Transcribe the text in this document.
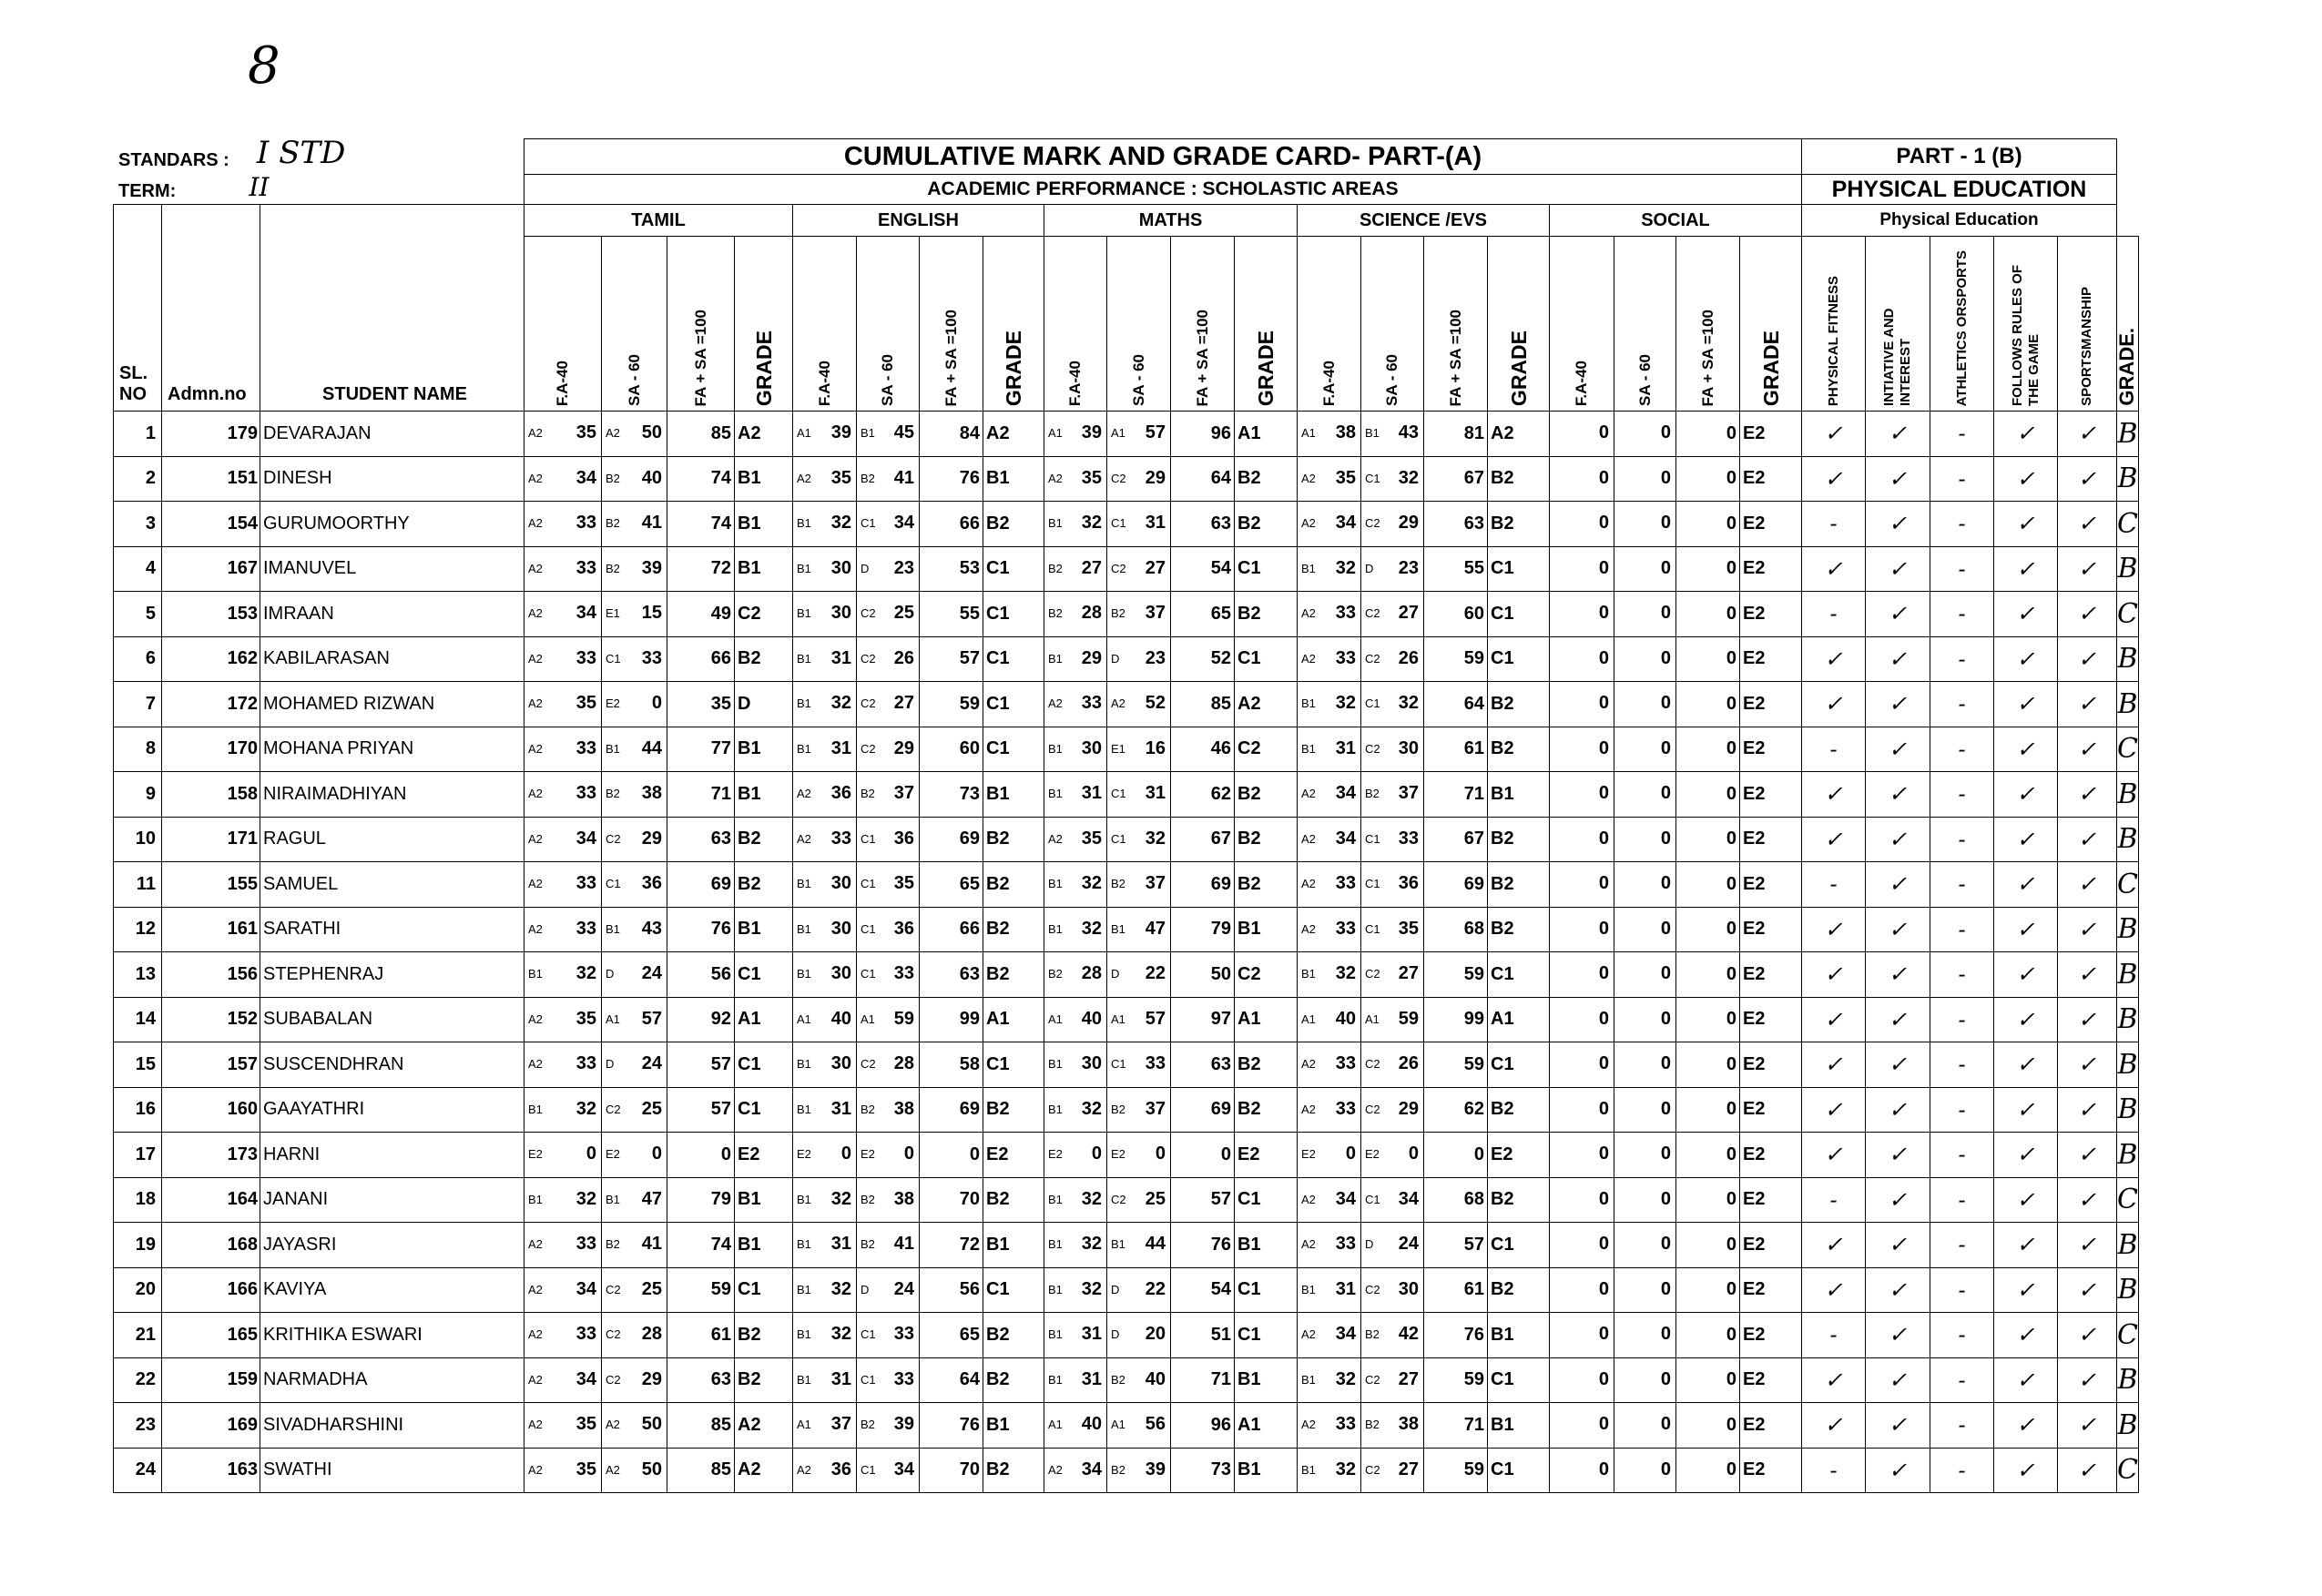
8
STANDARS : I STD
TERM:	II
			CUMULATIVE MARK AND GRADE CARD- PART-(A)																				PART - 1 (B)					
			ACADEMIC PERFORMANCE : SCHOLASTIC AREAS																				PHYSICAL EDUCATION					
SL. NO	Admn.no	STUDENT NAME	TAMIL				ENGLISH				MATHS				SCIENCE /EVS				SOCIAL				Physical Education					
			F.A-40	SA - 60	FA + SA =100	GRADE	F.A-40	SA - 60	FA + SA =100	GRADE	F.A-40	SA - 60	FA + SA =100	GRADE	F.A-40	SA - 60	FA + SA =100	GRADE	F.A-40	SA - 60	FA + SA =100	GRADE	PHYSICAL FITNESS	INTIATIVE AND INTEREST	ATHLETICS ORSPORTS	FOLLOWS RULES OF THE GAME	SPORTSMANSHIP	GRADE.
1	179	DEVARAJAN	A2 35	A2 50	85	A2	A1 39	B1 45	84	A2	A1 39	A1 57	96	A1	A1 38	B1 43	81	A2	0	0	0	E2	✓	✓	-	✓	✓	B
2	151	DINESH	A2 34	B2 40	74	B1	A2 35	B2 41	76	B1	A2 35	C2 29	64	B2	A2 35	C1 32	67	B2	0	0	0	E2	✓	✓	-	✓	✓	B
3	154	GURUMOORTHY	A2 33	B2 41	74	B1	B1 32	C1 34	66	B2	B1 32	C1 31	63	B2	A2 34	C2 29	63	B2	0	0	0	E2	-	✓	-	✓	✓	C
4	167	IMANUVEL	A2 33	B2 39	72	B1	B1 30	D 23	53	C1	B2 27	C2 27	54	C1	B1 32	D 23	55	C1	0	0	0	E2	✓	✓	-	✓	✓	B
5	153	IMRAAN	A2 34	E1 15	49	C2	B1 30	C2 25	55	C1	B2 28	B2 37	65	B2	A2 33	C2 27	60	C1	0	0	0	E2	-	✓	-	✓	✓	C
6	162	KABILARASAN	A2 33	C1 33	66	B2	B1 31	C2 26	57	C1	B1 29	D 23	52	C1	A2 33	C2 26	59	C1	0	0	0	E2	✓	✓	-	✓	✓	B
7	172	MOHAMED RIZWAN	A2 35	E2 0	35	D	B1 32	C2 27	59	C1	A2 33	A2 52	85	A2	B1 32	C1 32	64	B2	0	0	0	E2	✓	✓	-	✓	✓	B
8	170	MOHANA PRIYAN	A2 33	B1 44	77	B1	B1 31	C2 29	60	C1	B1 30	E1 16	46	C2	B1 31	C2 30	61	B2	0	0	0	E2	-	✓	-	✓	✓	C
9	158	NIRAIMADHIYAN	A2 33	B2 38	71	B1	A2 36	B2 37	73	B1	B1 31	C1 31	62	B2	A2 34	B2 37	71	B1	0	0	0	E2	✓	✓	-	✓	✓	B
10	171	RAGUL	A2 34	C2 29	63	B2	A2 33	C1 36	69	B2	A2 35	C1 32	67	B2	A2 34	C1 33	67	B2	0	0	0	E2	✓	✓	-	✓	✓	B
11	155	SAMUEL	A2 33	C1 36	69	B2	B1 30	C1 35	65	B2	B1 32	B2 37	69	B2	A2 33	C1 36	69	B2	0	0	0	E2	-	✓	-	✓	✓	C
12	161	SARATHI	A2 33	B1 43	76	B1	B1 30	C1 36	66	B2	B1 32	B1 47	79	B1	A2 33	C1 35	68	B2	0	0	0	E2	✓	✓	-	✓	✓	B
13	156	STEPHENRAJ	B1 32	D 24	56	C1	B1 30	C1 33	63	B2	B2 28	D 22	50	C2	B1 32	C2 27	59	C1	0	0	0	E2	✓	✓	-	✓	✓	B
14	152	SUBABALAN	A2 35	A1 57	92	A1	A1 40	A1 59	99	A1	A1 40	A1 57	97	A1	A1 40	A1 59	99	A1	0	0	0	E2	✓	✓	-	✓	✓	B
15	157	SUSCENDHRAN	A2 33	D 24	57	C1	B1 30	C2 28	58	C1	B1 30	C1 33	63	B2	A2 33	C2 26	59	C1	0	0	0	E2	✓	✓	-	✓	✓	B
16	160	GAAYATHRI	B1 32	C2 25	57	C1	B1 31	B2 38	69	B2	B1 32	B2 37	69	B2	A2 33	C2 29	62	B2	0	0	0	E2	✓	✓	-	✓	✓	B
17	173	HARNI	E2 0	E2 0	0	E2	E2 0	E2 0	0	E2	E2 0	E2 0	0	E2	E2 0	E2 0	0	E2	0	0	0	E2	✓	✓	-	✓	✓	B
18	164	JANANI	B1 32	B1 47	79	B1	B1 32	B2 38	70	B2	B1 32	C2 25	57	C1	A2 34	C1 34	68	B2	0	0	0	E2	-	✓	-	✓	✓	C
19	168	JAYASRI	A2 33	B2 41	74	B1	B1 31	B2 41	72	B1	B1 32	B1 44	76	B1	A2 33	D 24	57	C1	0	0	0	E2	✓	✓	-	✓	✓	B
20	166	KAVIYA	A2 34	C2 25	59	C1	B1 32	D 24	56	C1	B1 32	D 22	54	C1	B1 31	C2 30	61	B2	0	0	0	E2	✓	✓	-	✓	✓	B
21	165	KRITHIKA ESWARI	A2 33	C2 28	61	B2	B1 32	C1 33	65	B2	B1 31	D 20	51	C1	A2 34	B2 42	76	B1	0	0	0	E2	-	✓	-	✓	✓	C
22	159	NARMADHA	A2 34	C2 29	63	B2	B1 31	C1 33	64	B2	B1 31	B2 40	71	B1	B1 32	C2 27	59	C1	0	0	0	E2	✓	✓	-	✓	✓	B
23	169	SIVADHARSHINI	A2 35	A2 50	85	A2	A1 37	B2 39	76	B1	A1 40	A1 56	96	A1	A2 33	B2 38	71	B1	0	0	0	E2	✓	✓	-	✓	✓	B
24	163	SWATHI	A2 35	A2 50	85	A2	A2 36	C1 34	70	B2	A2 34	B2 39	73	B1	B1 32	C2 27	59	C1	0	0	0	E2	-	✓	-	✓	✓	C
